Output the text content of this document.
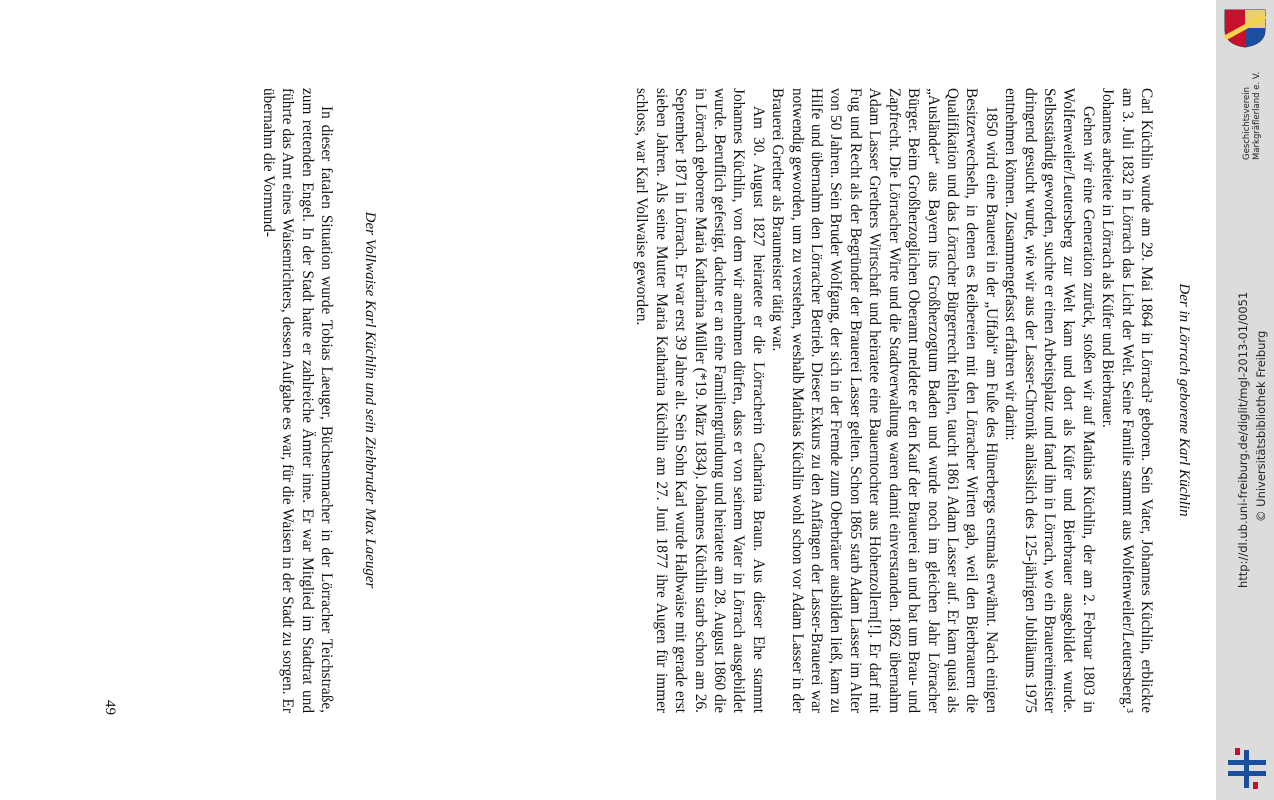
Der in Lörrach geborene Karl Küchlin

Carl Küchlin wurde am 29. Mai 1864 in Lörrach² geboren. Sein Vater, Johannes Küchlin, erblickte am 3. Juli 1832 in Lörrach das Licht der Welt. Seine Familie stammt aus Wolfenweiler/Leutersberg.³ Johannes arbeitete in Lörrach als Küfer und Bierbrauer.

Gehen wir eine Generation zurück, stoßen wir auf Mathias Küchlin, der am 2. Februar 1803 in Wolfenweiler/Leutersberg zur Welt kam und dort als Küfer und Bierbrauer ausgebildet wurde. Selbstständig geworden, suchte er einen Arbeitsplatz und fand ihn in Lörrach, wo ein Brauereimeister dringend gesucht wurde, wie wir aus der Lasser-Chronik anlässlich des 125-jährigen Jubiläums 1975 entnehmen können. Zusammengefasst erfahren wir darin:

1850 wird eine Brauerei in der „Uffabi“ am Fuße des Hünerbergs erstmals erwähnt. Nach einigen Besitzerwechseln, in denen es Reibereien mit den Lörracher Wirten gab, weil den Bierbrauern die Qualifikation und das Lörracher Bürgerrecht fehlten, taucht 1861 Adam Lasser auf. Er kam quasi als „Ausländer“ aus Bayern ins Großherzogtum Baden und wurde noch im gleichen Jahr Lörracher Bürger. Beim Großherzoglichen Oberamt meldete er den Kauf der Brauerei an und bat um Brau- und Zapfrecht. Die Lörracher Wirte und die Stadtverwaltung waren damit einverstanden. 1862 übernahm Adam Lasser Grethers Wirtschaft und heiratete eine Bauerntochter aus Hohenzollern[!]. Er darf mit Fug und Recht als der Begründer der Brauerei Lasser gelten. Schon 1865 starb Adam Lasser im Alter von 50 Jahren. Sein Bruder Wolfgang, der sich in der Fremde zum Oberbräuer ausbilden ließ, kam zu Hilfe und übernahm den Lörracher Betrieb. Dieser Exkurs zu den Anfängen der Lasser-Brauerei war notwendig geworden, um zu verstehen, weshalb Mathias Küchlin wohl schon vor Adam Lasser in der Brauerei Grether als Braumeister tätig war.

Am 30. August 1827 heiratete er die Lörracherin Catharina Braun. Aus dieser Ehe stammt Johannes Küchlin, von dem wir annehmen dürfen, dass er von seinem Vater in Lörrach ausgebildet wurde. Beruflich gefestigt, dachte er an eine Familiengründung und heiratete am 28. August 1860 die in Lörrach geborene Maria Katharina Müller (*19. März 1834). Johannes Küchlin starb schon am 26. September 1871 in Lörrach. Er war erst 39 Jahre alt. Sein Sohn Karl wurde Halbwaise mit gerade erst sieben Jahren. Als seine Mutter Maria Katharina Küchlin am 27. Juni 1877 ihre Augen für immer schloss, war Karl Vollwaise geworden.

Der Vollwaise Karl Küchlin und sein Ziehbruder Max Laeuger

In dieser fatalen Situation wurde Tobias Laeuger, Büchsenmacher in der Lörracher Teichstraße, zum rettenden Engel. In der Stadt hatte er zahlreiche Ämter inne. Er war Mitglied im Stadtrat und führte das Amt eines Waisenrichters, dessen Aufgabe es war, für die Waisen in der Stadt zu sorgen. Er übernahm die Vormund-

49
http://dl.ub.uni-freiburg.de/diglit/mgl-2013-01/0051 © Universitätsbibliothek Freiburg
Geschichtsverein Markgräflerland e. V.
